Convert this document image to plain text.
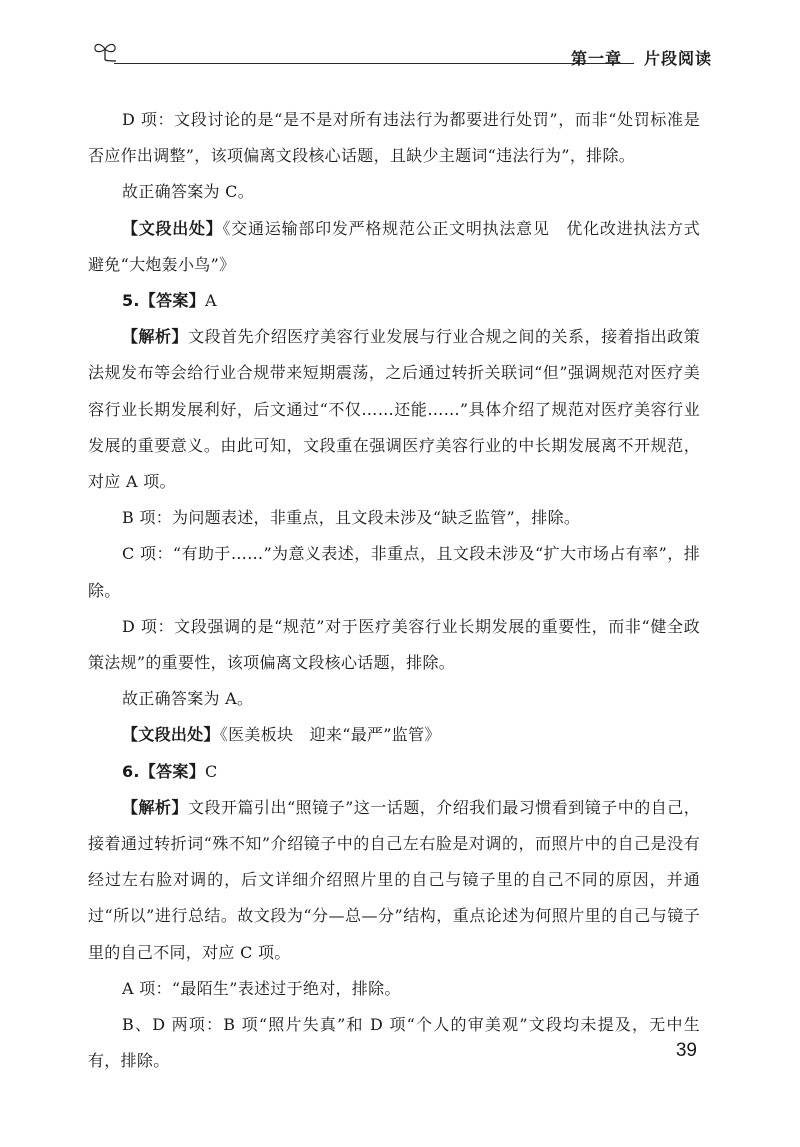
第一章 片段阅读

D 项：文段讨论的是“是不是对所有违法行为都要进行处罚”，而非“处罚标准是否应作出调整”，该项偏离文段核心话题，且缺少主题词“违法行为”，排除。

故正确答案为 C。

【文段出处】《交通运输部印发严格规范公正文明执法意见　优化改进执法方式避免“大炮轰小鸟”》

5.【答案】A

【解析】文段首先介绍医疗美容行业发展与行业合规之间的关系，接着指出政策法规发布等会给行业合规带来短期震荡，之后通过转折关联词“但”强调规范对医疗美容行业长期发展利好，后文通过“不仅……还能……”具体介绍了规范对医疗美容行业发展的重要意义。由此可知，文段重在强调医疗美容行业的中长期发展离不开规范，对应 A 项。

B 项：为问题表述，非重点，且文段未涉及“缺乏监管”，排除。

C 项：“有助于……”为意义表述，非重点，且文段未涉及“扩大市场占有率”，排除。

D 项：文段强调的是“规范”对于医疗美容行业长期发展的重要性，而非“健全政策法规”的重要性，该项偏离文段核心话题，排除。

故正确答案为 A。

【文段出处】《医美板块　迎来“最严”监管》

6.【答案】C

【解析】文段开篇引出“照镜子”这一话题，介绍我们最习惯看到镜子中的自己，接着通过转折词“殊不知”介绍镜子中的自己左右脸是对调的，而照片中的自己是没有经过左右脸对调的，后文详细介绍照片里的自己与镜子里的自己不同的原因，并通过“所以”进行总结。故文段为“分—总—分”结构，重点论述为何照片里的自己与镜子里的自己不同，对应 C 项。

A 项：“最陌生”表述过于绝对，排除。

B、D 两项：B 项“照片失真”和 D 项“个人的审美观”文段均未提及，无中生有，排除。	39
